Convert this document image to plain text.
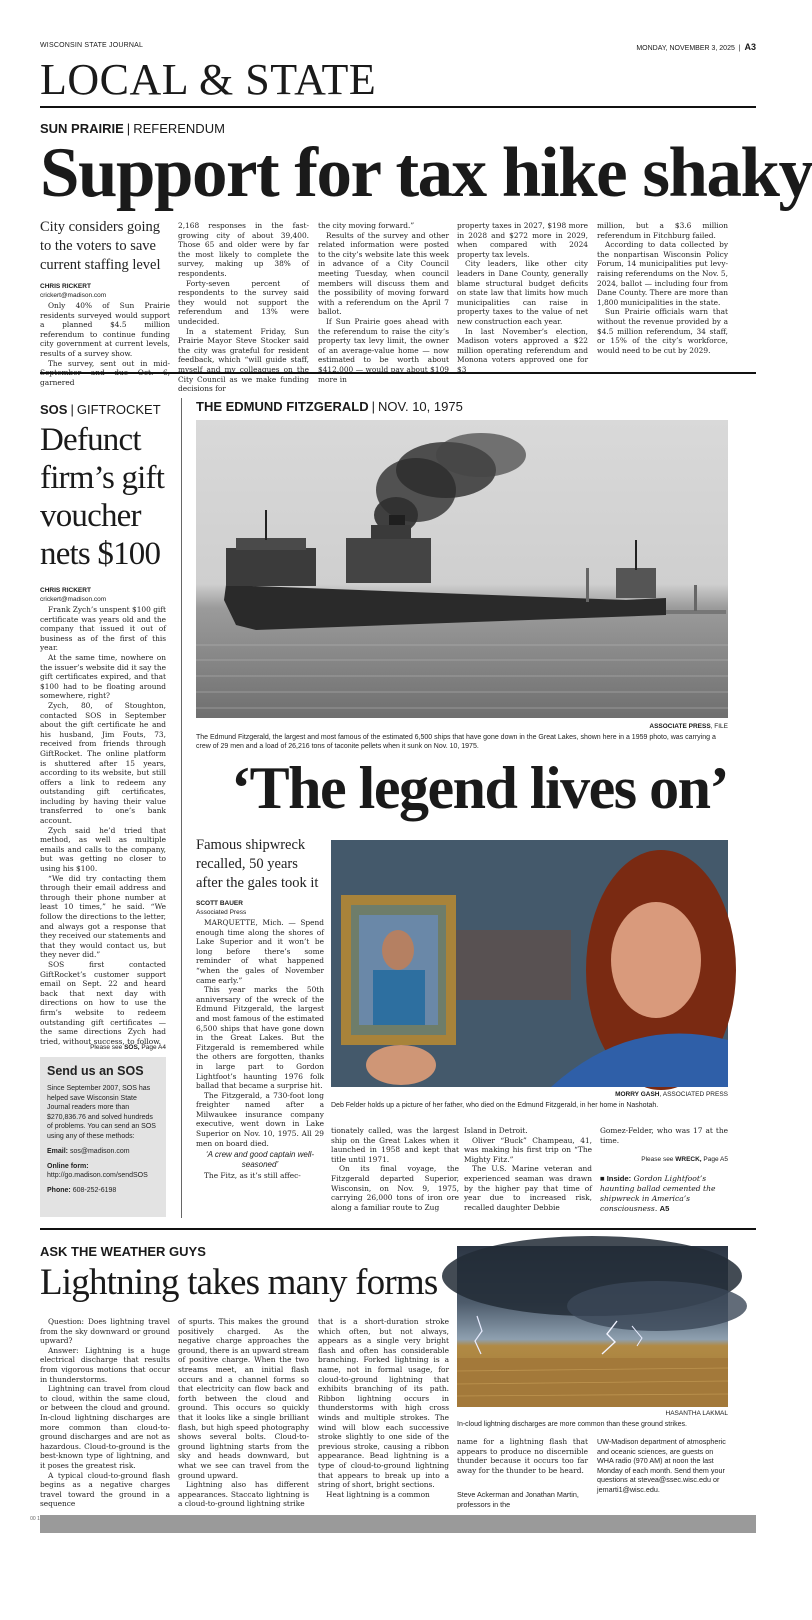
WISCONSIN STATE JOURNAL	MONDAY, NOVEMBER 3, 2025  |  A3
LOCAL & STATE
SUN PRAIRIE | REFERENDUM
Support for tax hike shaky
City considers going to the voters to save current staffing level
CHRIS RICKERT
crickert@madison.com

Only 40% of Sun Prairie residents surveyed would support a planned $4.5 million referendum to continue funding city government at current levels, results of a survey show.

The survey, sent out in mid-September and due Oct. 6, garnered

2,168 responses in the fast-growing city of about 39,400. Those 65 and older were by far the most likely to complete the survey, making up 38% of respondents.

Forty-seven percent of respondents to the survey said they would not support the referendum and 13% were undecided.

In a statement Friday, Sun Prairie Mayor Steve Stocker said the city was grateful for resident feedback, which “will guide staff, myself and my colleagues on the City Council as we make funding decisions for

the city moving forward.”

Results of the survey and other related information were posted to the city’s website late this week in advance of a City Council meeting Tuesday, when council members will discuss them and the possibility of moving forward with a referendum on the April 7 ballot.

If Sun Prairie goes ahead with the referendum to raise the city’s property tax levy limit, the owner of an average-value home — now estimated to be worth about $412,000 — would pay about $109 more in

property taxes in 2027, $198 more in 2028 and $272 more in 2029, when compared with 2024 property tax levels.

City leaders, like other city leaders in Dane County, generally blame structural budget deficits on state law that limits how much municipalities can raise in property taxes to the value of net new construction each year.

In last November’s election, Madison voters approved a $22 million operating referendum and Monona voters approved one for $3

million, but a $3.6 million referendum in Fitchburg failed.

According to data collected by the nonpartisan Wisconsin Policy Forum, 14 municipalities put levy-raising referendums on the Nov. 5, 2024, ballot — including four from Dane County. There are more than 1,800 municipalities in the state.

Sun Prairie officials warn that without the revenue provided by a $4.5 million referendum, 34 staff, or 15% of the city’s workforce, would need to be cut by 2029.

SOS | GIFTROCKET
Defunct firm’s gift voucher nets $100
CHRIS RICKERT
crickert@madison.com

Frank Zych’s unspent $100 gift certificate was years old and the company that issued it out of business as of the first of this year.

At the same time, nowhere on the issuer’s website did it say the gift certificates expired, and that $100 had to be floating around somewhere, right?

Zych, 80, of Stoughton, contacted SOS in September about the gift certificate he and his husband, Jim Fouts, 73, received from friends through GiftRocket. The online platform is shuttered after 15 years, according to its website, but still offers a link to redeem any outstanding gift certificates, including by having their value transferred to one’s bank account.

Zych said he’d tried that method, as well as multiple emails and calls to the company, but was getting no closer to using his $100.

“We did try contacting them through their email address and through their phone number at least 10 times,” he said. “We follow the directions to the letter, and always got a response that they received our statements and that they would contact us, but they never did.”

SOS first contacted GiftRocket’s customer support email on Sept. 22 and heard back that next day with directions on how to use the firm’s website to redeem outstanding gift certificates — the same directions Zych had tried, without success, to follow.

Please see SOS, Page A4
Send us an SOS
Since September 2007, SOS has helped save Wisconsin State Journal readers more than $270,836.76 and solved hundreds of problems. You can send an SOS using any of these methods:
Email: sos@madison.com
Online form: http://go.madison.com/sendSOS
Phone: 608-252-6198
THE EDMUND FITZGERALD | NOV. 10, 1975
ASSOCIATE PRESS, FILE
The Edmund Fitzgerald, the largest and most famous of the estimated 6,500 ships that have gone down in the Great Lakes, shown here in a 1959 photo, was carrying a crew of 29 men and a load of 26,216 tons of taconite pellets when it sunk on Nov. 10, 1975.
‘The legend lives on’
Famous shipwreck recalled, 50 years after the gales took it
SCOTT BAUER
Associated Press

MARQUETTE, Mich. — Spend enough time along the shores of Lake Superior and it won’t be long before there’s some reminder of what happened “when the gales of November came early.”

This year marks the 50th anniversary of the wreck of the Edmund Fitzgerald, the largest and most famous of the estimated 6,500 ships that have gone down in the Great Lakes. But the Fitzgerald is remembered while the others are forgotten, thanks in large part to Gordon Lightfoot’s haunting 1976 folk ballad that became a surprise hit.

The Fitzgerald, a 730-foot long freighter named after a Milwaukee insurance company executive, went down in Lake Superior on Nov. 10, 1975. All 29 men on board died.

‘A crew and good captain well-seasoned’

The Fitz, as it’s still affec-

MORRY GASH, ASSOCIATED PRESS
Deb Felder holds up a picture of her father, who died on the Edmund Fitzgerald, in her home in Nashotah.

tionately called, was the largest ship on the Great Lakes when it launched in 1958 and kept that title until 1971.

On its final voyage, the Fitzgerald departed Superior, Wisconsin, on Nov. 9, 1975, carrying 26,000 tons of iron ore along a familiar route to Zug

Island in Detroit.

Oliver “Buck” Champeau, 41, was making his first trip on “The Mighty Fitz.”

The U.S. Marine veteran and experienced seaman was drawn by the higher pay that time of year due to increased risk, recalled daughter Debbie

Gomez-Felder, who was 17 at the time.

Please see WRECK, Page A5
■ Inside: Gordon Lightfoot’s haunting ballad cemented the shipwreck in America’s consciousness. A5
ASK THE WEATHER GUYS
Lightning takes many forms

Question: Does lightning travel from the sky downward or ground upward?

Answer: Lightning is a huge electrical discharge that results from vigorous motions that occur in thunderstorms.

Lightning can travel from cloud to cloud, within the same cloud, or between the cloud and ground. In-cloud lightning discharges are more common than cloud-to-ground discharges and are not as hazardous. Cloud-to-ground is the best-known type of lightning, and it poses the greatest risk.

A typical cloud-to-ground flash begins as a negative charges travel toward the ground in a sequence

of spurts. This makes the ground positively charged. As the negative charge approaches the ground, there is an upward stream of positive charge. When the two streams meet, an initial flash occurs and a channel forms so that electricity can flow back and forth between the cloud and ground. This occurs so quickly that it looks like a single brilliant flash, but high speed photography shows several bolts. Cloud-to-ground lightning starts from the sky and heads downward, but what we see can travel from the ground upward.

Lightning also has different appearances. Staccato lightning is a cloud-to-ground lightning strike

that is a short-duration stroke which often, but not always, appears as a single very bright flash and often has considerable branching. Forked lightning is a name, not in formal usage, for cloud-to-ground lightning that exhibits branching of its path. Ribbon lightning occurs in thunderstorms with high cross winds and multiple strokes. The wind will blow each successive stroke slightly to one side of the previous stroke, causing a ribbon appearance. Bead lightning is a type of cloud-to-ground lightning that appears to break up into a string of short, bright sections.

Heat lightning is a common

HASANTHA LAKMAL
In-cloud lightning discharges are more common than these ground strikes.

name for a lightning flash that appears to produce no discernible thunder because it occurs too far away for the thunder to be heard.

Steve Ackerman and Jonathan Martin, professors in the
UW-Madison department of atmospheric and oceanic sciences, are guests on WHA radio (970 AM) at noon the last Monday of each month. Send them your questions at stevea@ssec.wisc.edu or jemarti1@wisc.edu.
00 1
